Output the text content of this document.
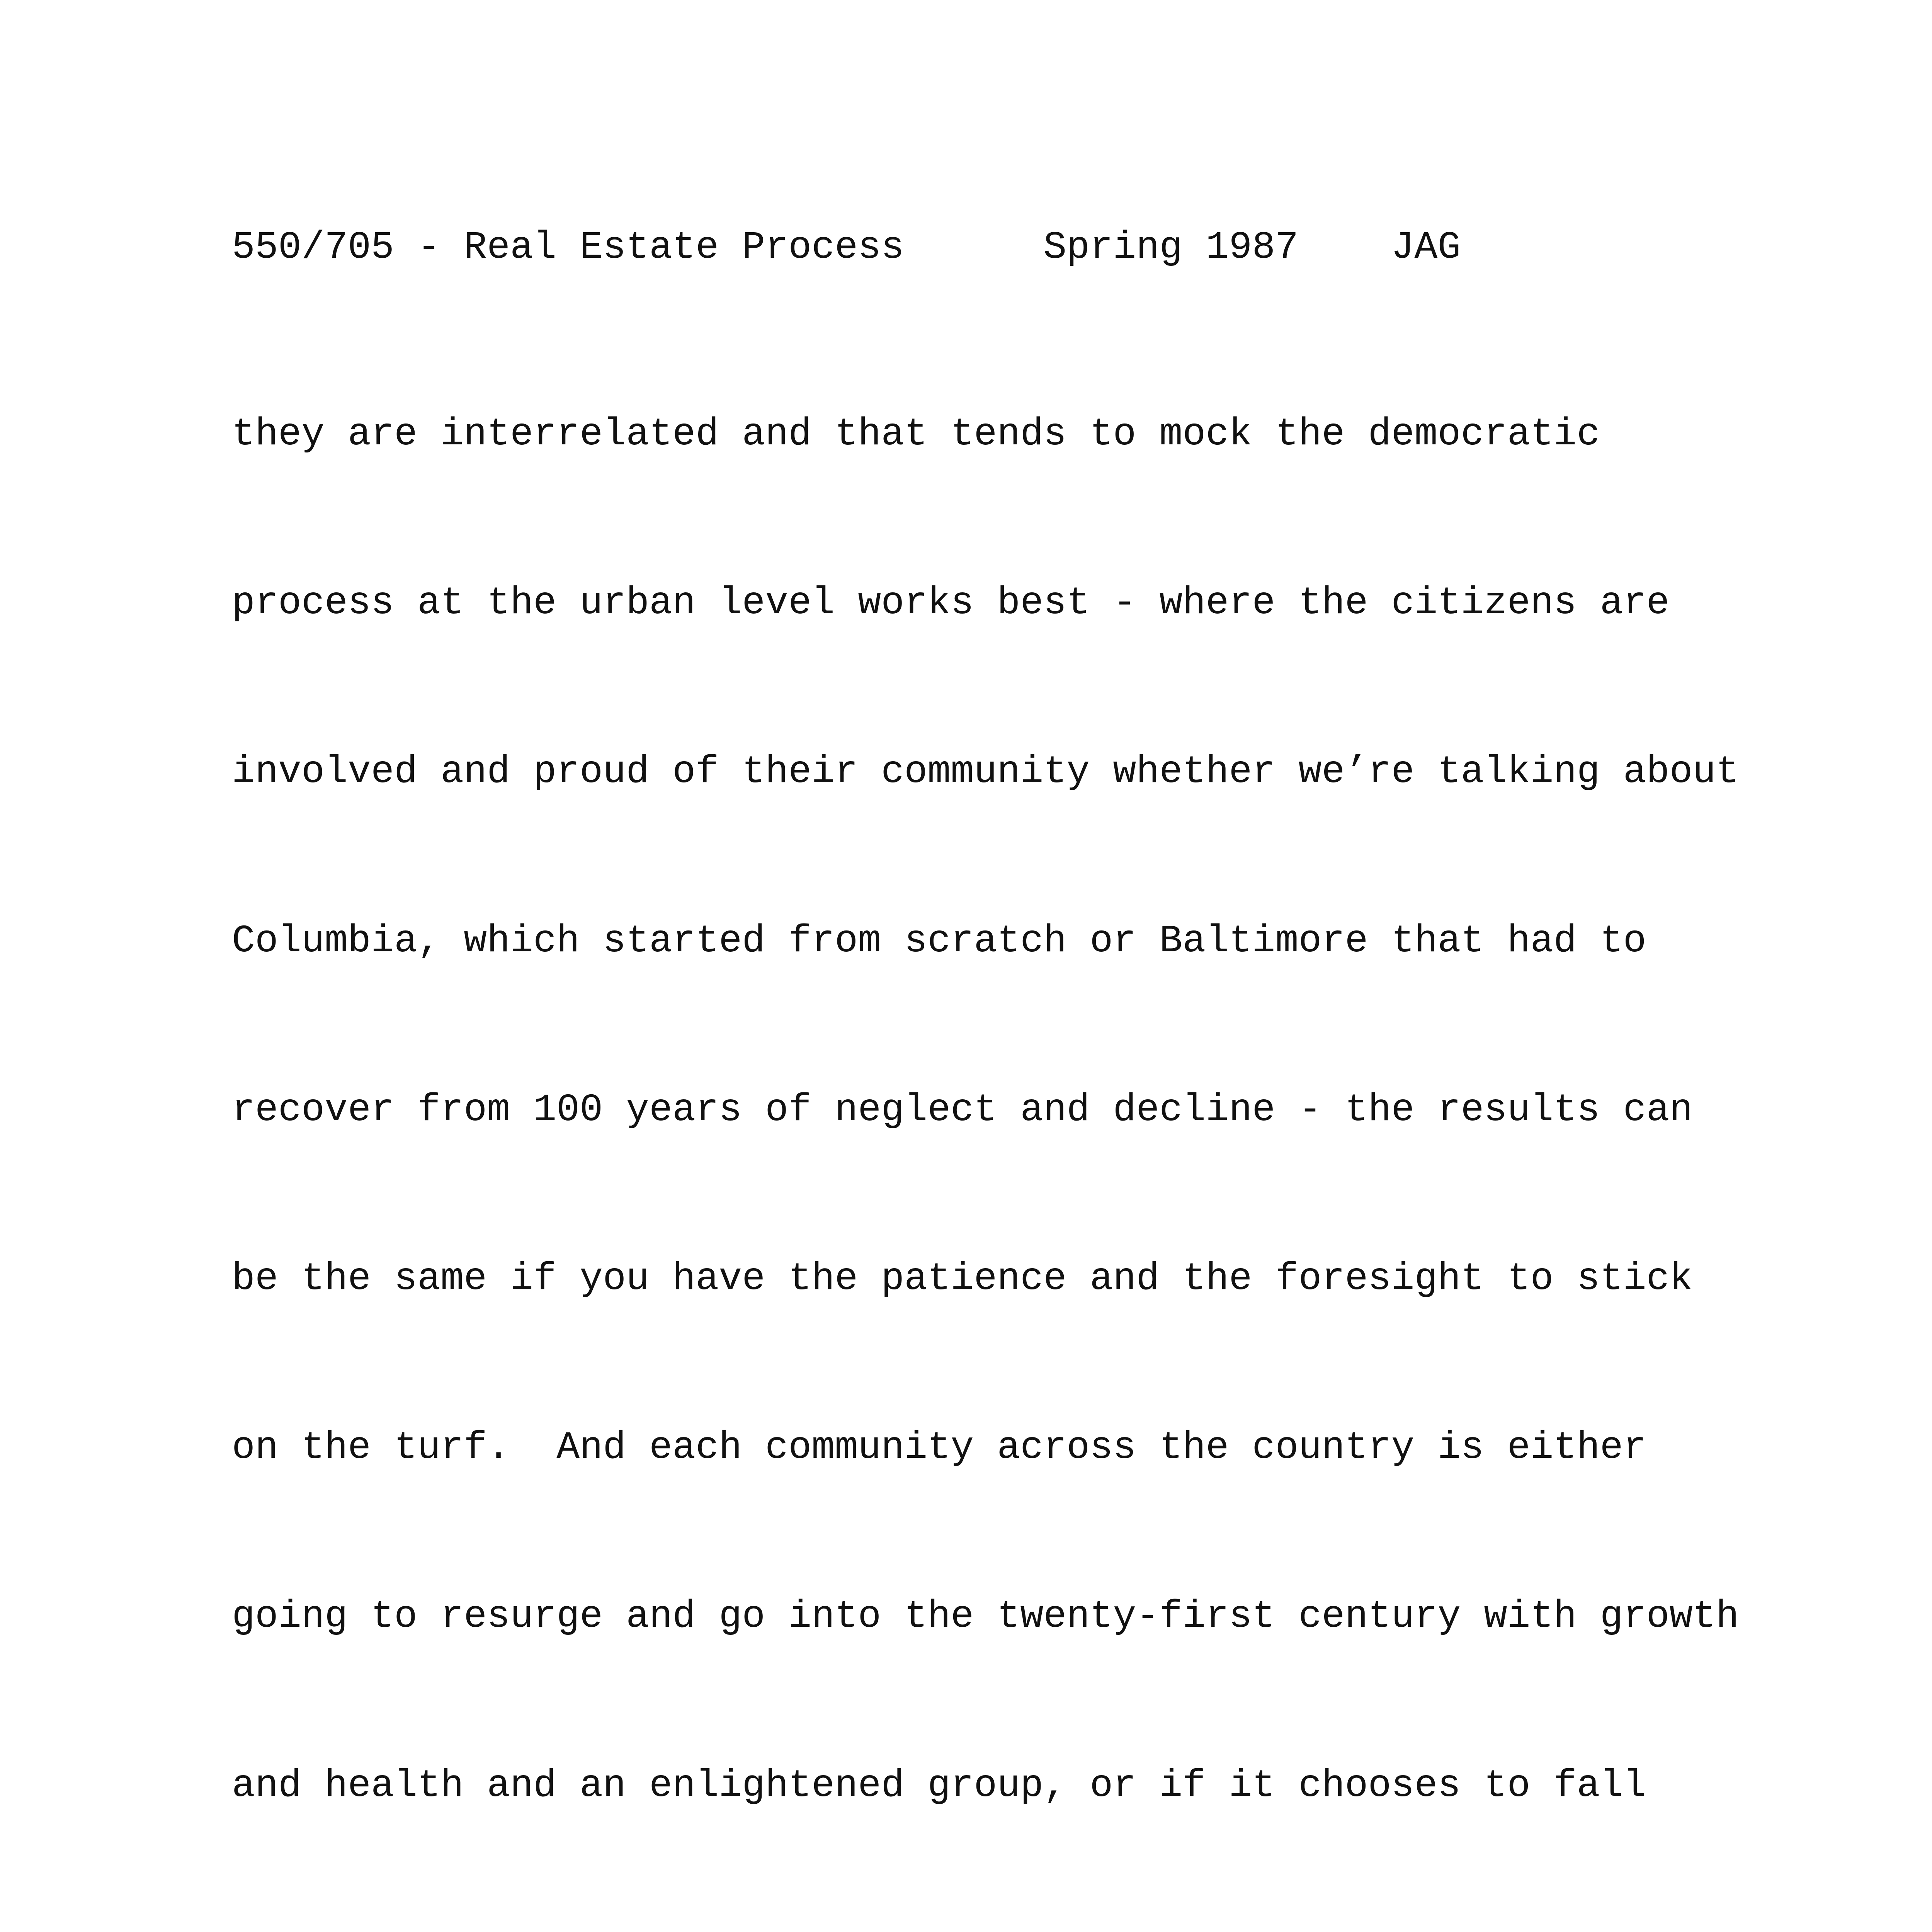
550/705 - Real Estate Process	Spring 1987 JAG

they are interrelated and that tends to mock the democratic

process at the urban level works best - where the citizens are

involved and proud of their community whether we’re talking about

Columbia, which started from scratch or Baltimore that had to

recover from 100 years of neglect and decline - the results can

be the same if you have the patience and the foresight to stick

on the turf.  And each community across the country is either

going to resurge and go into the twenty-first century with growth

and health and an enlightened group, or if it chooses to fall
